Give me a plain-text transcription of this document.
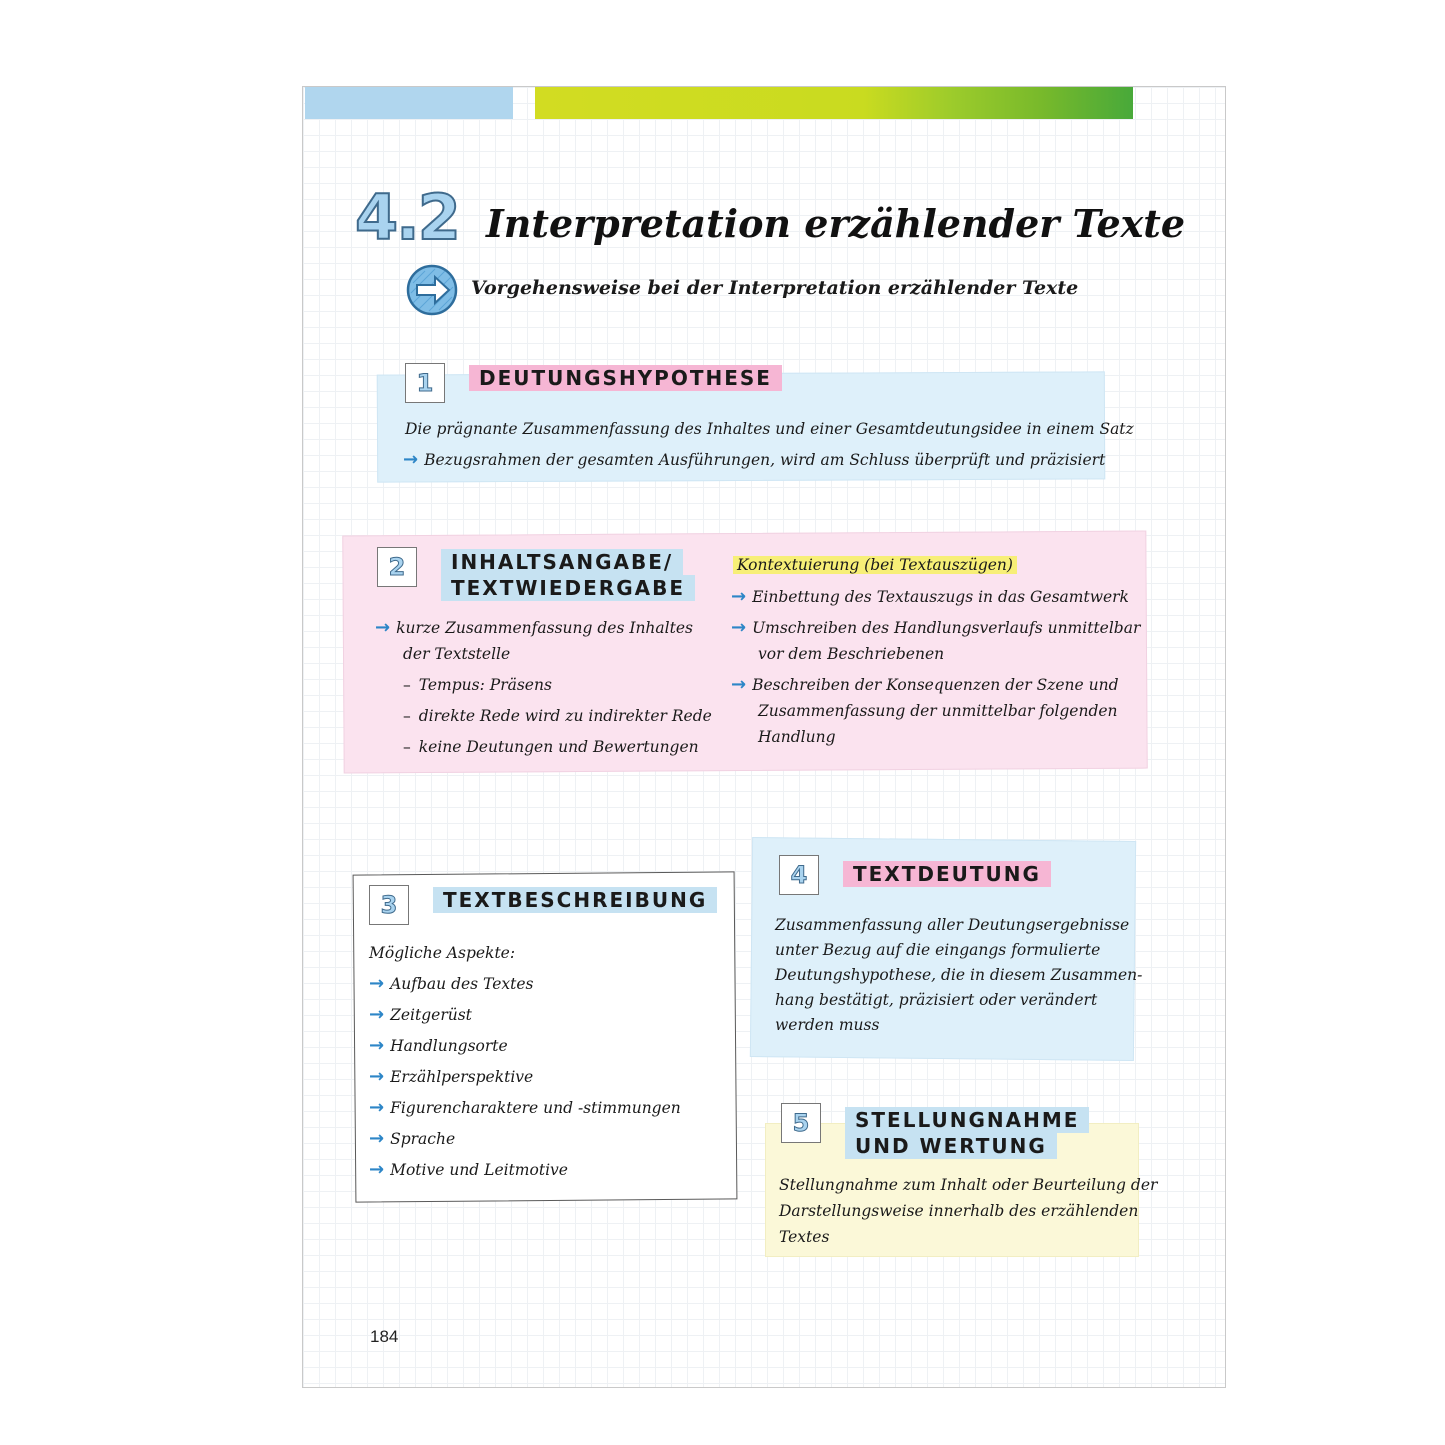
4.2 Interpretation erzählender Texte
Vorgehensweise bei der Interpretation erzählender Texte
1	DEUTUNGSHYPOTHESE
Die prägnante Zusammenfassung des Inhaltes und einer Gesamtdeutungsidee in einem Satz
→ Bezugsrahmen der gesamten Ausführungen, wird am Schluss überprüft und präzisiert
2	INHALTSANGABE/
TEXTWIEDERGABE
→ kurze Zusammenfassung des Inhaltes
der Textstelle
– Tempus: Präsens
– direkte Rede wird zu indirekter Rede
– keine Deutungen und Bewertungen
Kontextuierung (bei Textauszügen)
→ Einbettung des Textauszugs in das Gesamtwerk
→ Umschreiben des Handlungsverlaufs unmittelbar
vor dem Beschriebenen
→ Beschreiben der Konsequenzen der Szene und
Zusammenfassung der unmittelbar folgenden
Handlung
3	TEXTBESCHREIBUNG
Mögliche Aspekte:
→ Aufbau des Textes
→ Zeitgerüst
→ Handlungsorte
→ Erzählperspektive
→ Figurencharaktere und -stimmungen
→ Sprache
→ Motive und Leitmotive
4	TEXTDEUTUNG
Zusammenfassung aller Deutungsergebnisse
unter Bezug auf die eingangs formulierte
Deutungshypothese, die in diesem Zusammen-
hang bestätigt, präzisiert oder verändert
werden muss
5	STELLUNGNAHME
UND WERTUNG
Stellungnahme zum Inhalt oder Beurteilung der
Darstellungsweise innerhalb des erzählenden
Textes
184
